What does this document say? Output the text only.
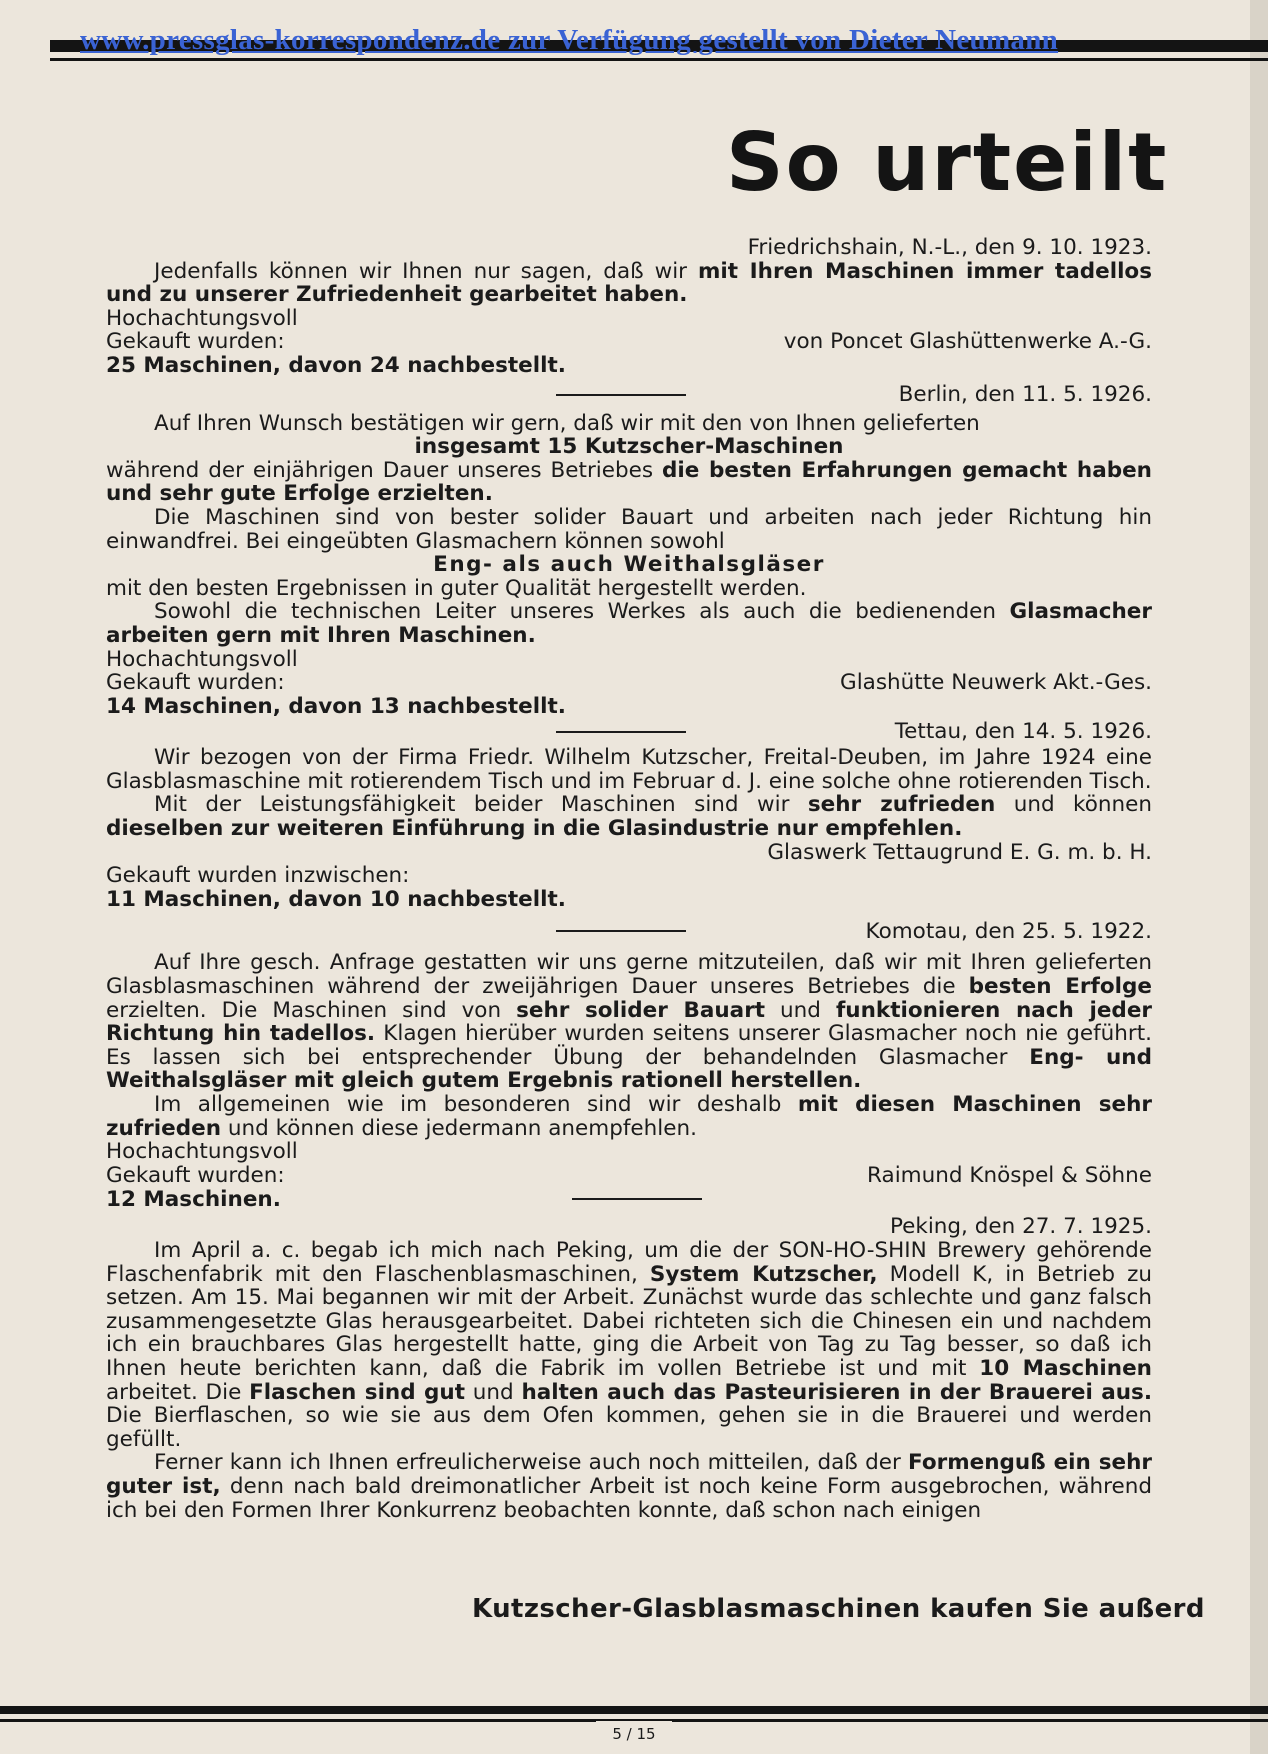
www.pressglas-korrespondenz.de zur Verfügung gestellt von Dieter Neumann
So urteilt

Friedrichshain, N.-L., den 9. 10. 1923.

Jedenfalls können wir Ihnen nur sagen, daß wir mit Ihren Maschinen immer tadellos und zu unserer Zufriedenheit gearbeitet haben.

Hochachtungsvoll

Gekauft wurden:	von Poncet Glashüttenwerke A.-G.

25 Maschinen, davon 24 nachbestellt.

Berlin, den 11. 5. 1926.

Auf Ihren Wunsch bestätigen wir gern, daß wir mit den von Ihnen gelieferten

insgesamt 15 Kutzscher-Maschinen

während der einjährigen Dauer unseres Betriebes die besten Erfahrungen gemacht haben und sehr gute Erfolge erzielten.

Die Maschinen sind von bester solider Bauart und arbeiten nach jeder Richtung hin einwandfrei. Bei eingeübten Glasmachern können sowohl

Eng- als auch Weithalsgläser

mit den besten Ergebnissen in guter Qualität hergestellt werden.

Sowohl die technischen Leiter unseres Werkes als auch die bedienenden Glasmacher arbeiten gern mit Ihren Maschinen.

Hochachtungsvoll

Gekauft wurden:	Glashütte Neuwerk Akt.-Ges.

14 Maschinen, davon 13 nachbestellt.

Tettau, den 14. 5. 1926.

Wir bezogen von der Firma Friedr. Wilhelm Kutzscher, Freital-Deuben, im Jahre 1924 eine Glasblasmaschine mit rotierendem Tisch und im Februar d. J. eine solche ohne rotierenden Tisch.

Mit der Leistungsfähigkeit beider Maschinen sind wir sehr zufrieden und können dieselben zur weiteren Einführung in die Glasindustrie nur empfehlen.

Glaswerk Tettaugrund E. G. m. b. H.

Gekauft wurden inzwischen:

11 Maschinen, davon 10 nachbestellt.

Komotau, den 25. 5. 1922.

Auf Ihre gesch. Anfrage gestatten wir uns gerne mitzuteilen, daß wir mit Ihren gelieferten Glasblasmaschinen während der zweijährigen Dauer unseres Betriebes die besten Erfolge erzielten. Die Maschinen sind von sehr solider Bauart und funktionieren nach jeder Richtung hin tadellos. Klagen hierüber wurden seitens unserer Glasmacher noch nie geführt. Es lassen sich bei entsprechender Übung der behandelnden Glasmacher Eng- und Weithalsgläser mit gleich gutem Ergebnis rationell herstellen.

Im allgemeinen wie im besonderen sind wir deshalb mit diesen Maschinen sehr zufrieden und können diese jedermann anempfehlen.

Hochachtungsvoll

Gekauft wurden:	Raimund Knöspel & Söhne
12 Maschinen.

Peking, den 27. 7. 1925.

Im April a. c. begab ich mich nach Peking, um die der SON-HO-SHIN Brewery gehörende Flaschenfabrik mit den Flaschenblasmaschinen, System Kutzscher, Modell K, in Betrieb zu setzen. Am 15. Mai begannen wir mit der Arbeit. Zunächst wurde das schlechte und ganz falsch zusammengesetzte Glas herausgearbeitet. Dabei richteten sich die Chinesen ein und nachdem ich ein brauchbares Glas hergestellt hatte, ging die Arbeit von Tag zu Tag besser, so daß ich Ihnen heute berichten kann, daß die Fabrik im vollen Betriebe ist und mit 10 Maschinen arbeitet. Die Flaschen sind gut und halten auch das Pasteurisieren in der Brauerei aus. Die Bierflaschen, so wie sie aus dem Ofen kommen, gehen sie in die Brauerei und werden gefüllt.

Ferner kann ich Ihnen erfreulicherweise auch noch mitteilen, daß der Formenguß ein sehr guter ist, denn nach bald dreimonatlicher Arbeit ist noch keine Form ausgebrochen, während ich bei den Formen Ihrer Konkurrenz beobachten konnte, daß schon nach einigen

Kutzscher-Glasblasmaschinen kaufen Sie außerd
5 / 15
